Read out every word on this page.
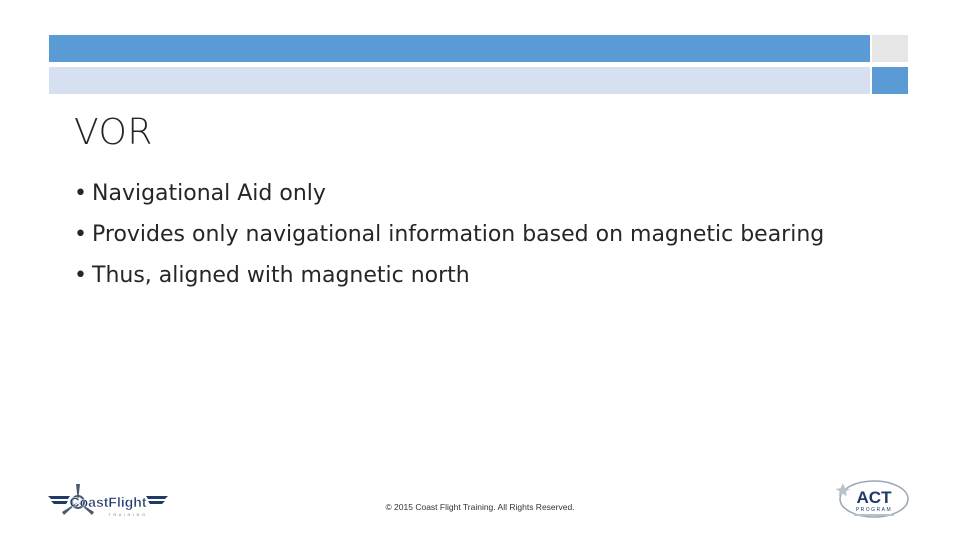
VOR
• Navigational Aid only
• Provides only navigational information based on magnetic bearing
• Thus, aligned with magnetic north
CoastFlight
TRAINING
© 2015 Coast Flight Training. All Rights Reserved.	ACT
PROGRAM
